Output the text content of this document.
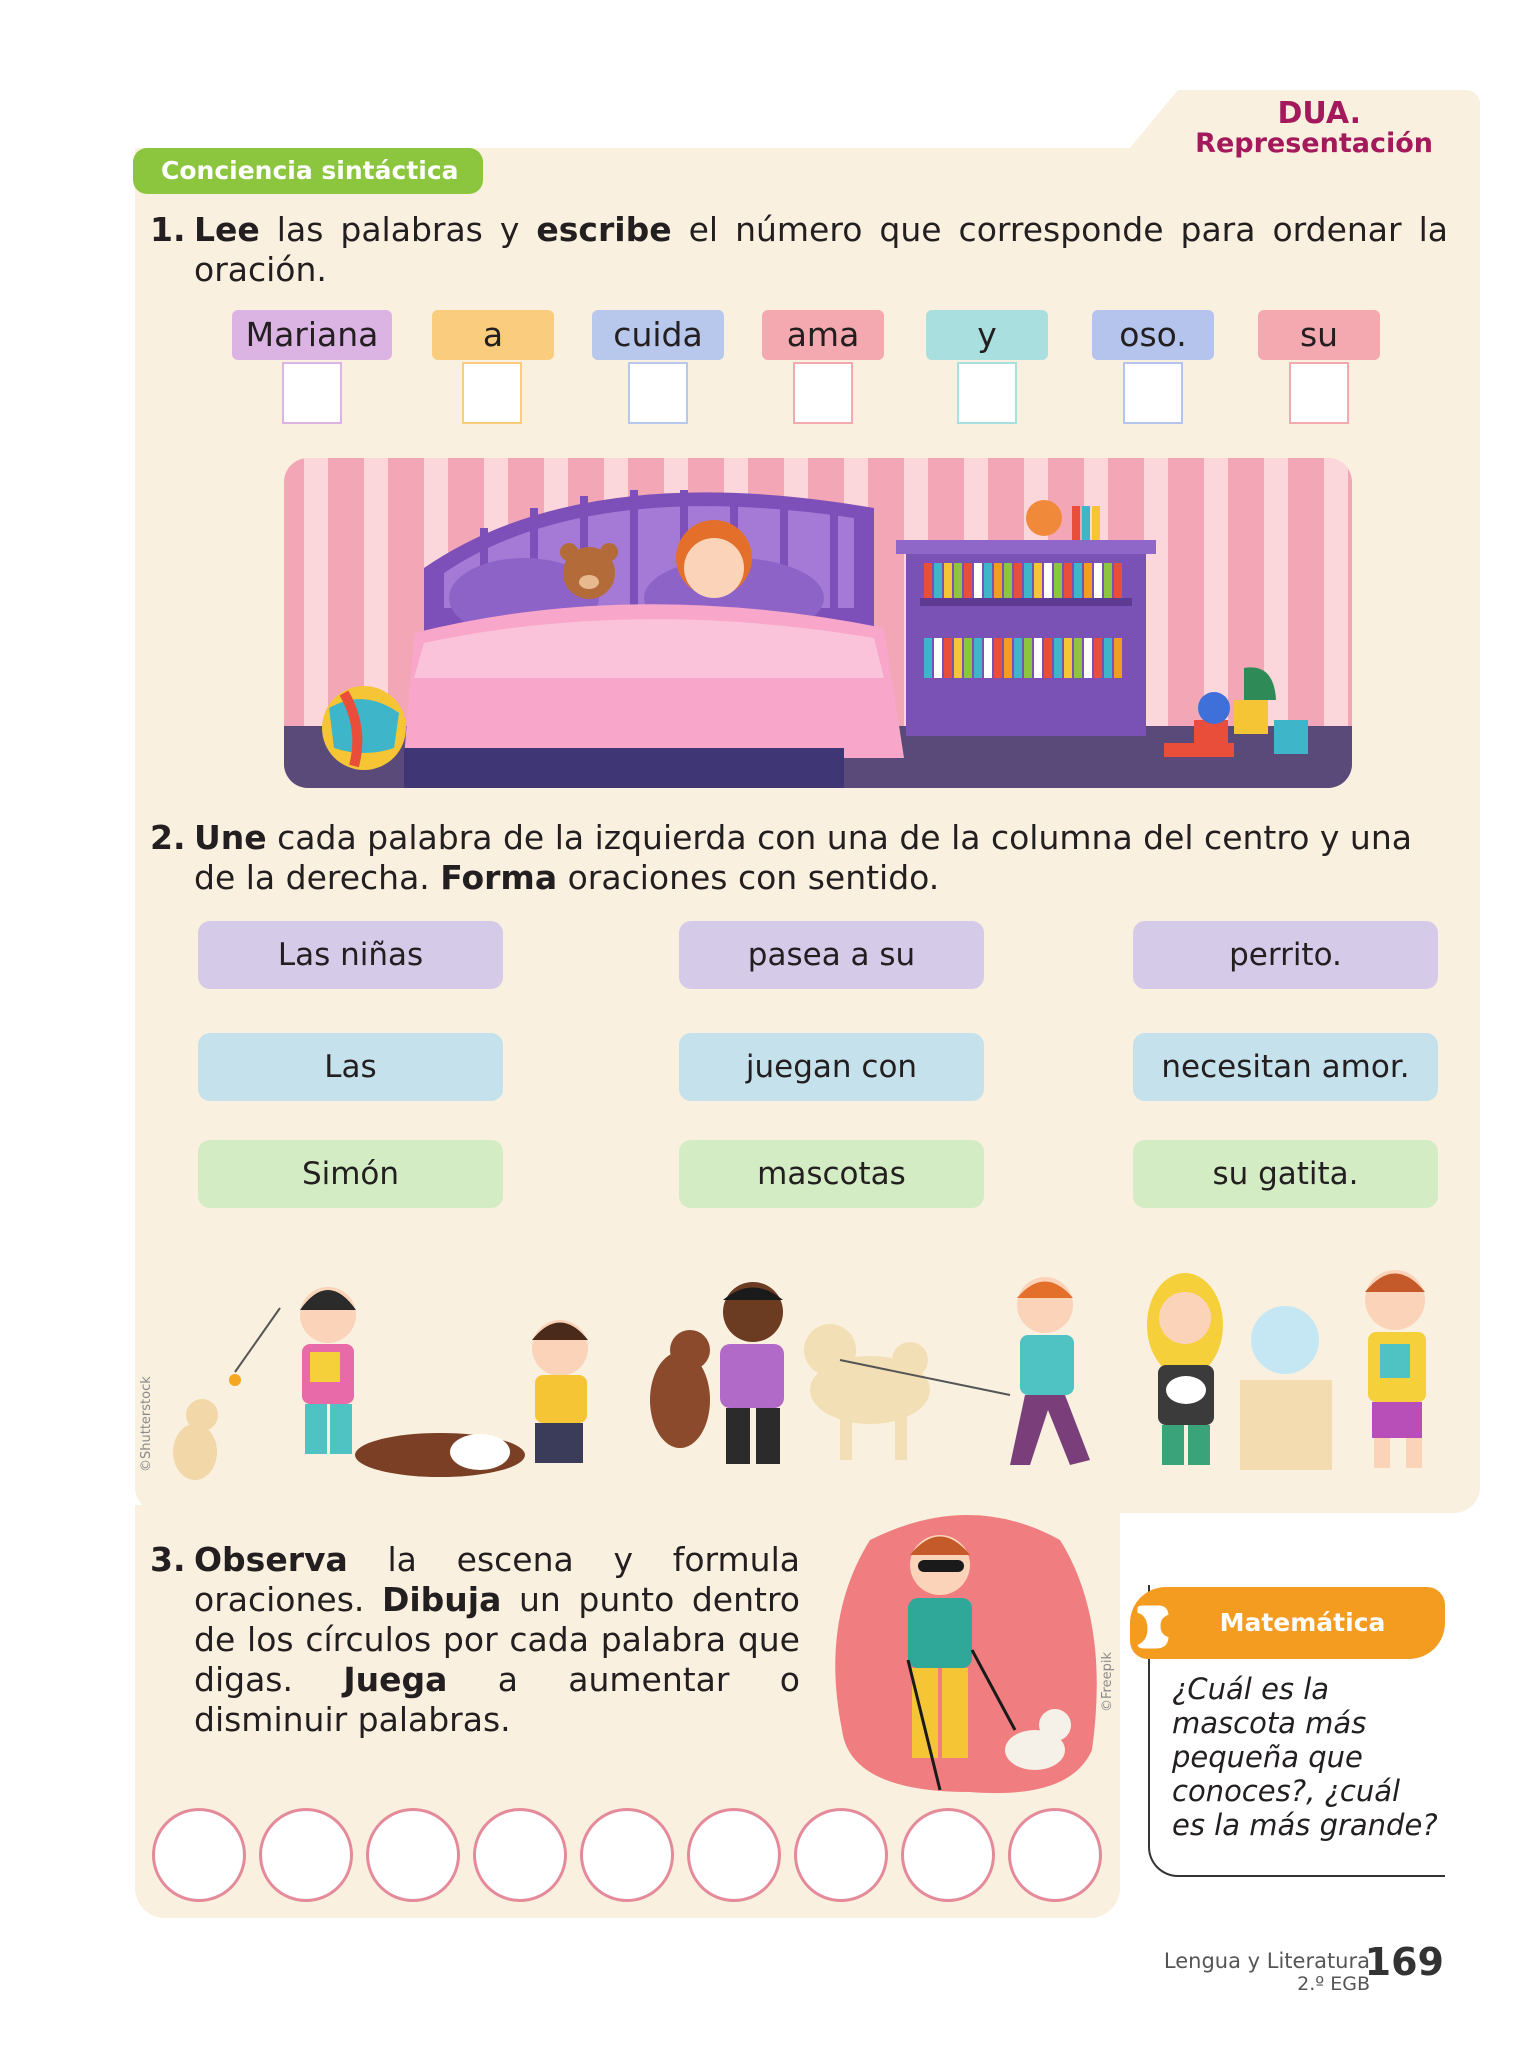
DUA.
Representación
Conciencia sintáctica
1. Lee las palabras y escribe el número que corresponde para ordenar la oración.
Mariana	a	cuida	ama	y	oso.	su
2. Une cada palabra de la izquierda con una de la columna del centro y una de la derecha. Forma oraciones con sentido.
Las niñas	pasea a su	perrito.
Las	juegan con	necesitan amor.
Simón	mascotas	su gatita.
©Shutterstock
3. Observa la escena y formula oraciones. Dibuja un punto dentro de los círculos por cada palabra que digas. Juega a aumentar o disminuir palabras.
©Freepik
Matemática
¿Cuál es la mascota más pequeña que conoces?, ¿cuál es la más grande?
Lengua y Literatura
2.º EGB
169
